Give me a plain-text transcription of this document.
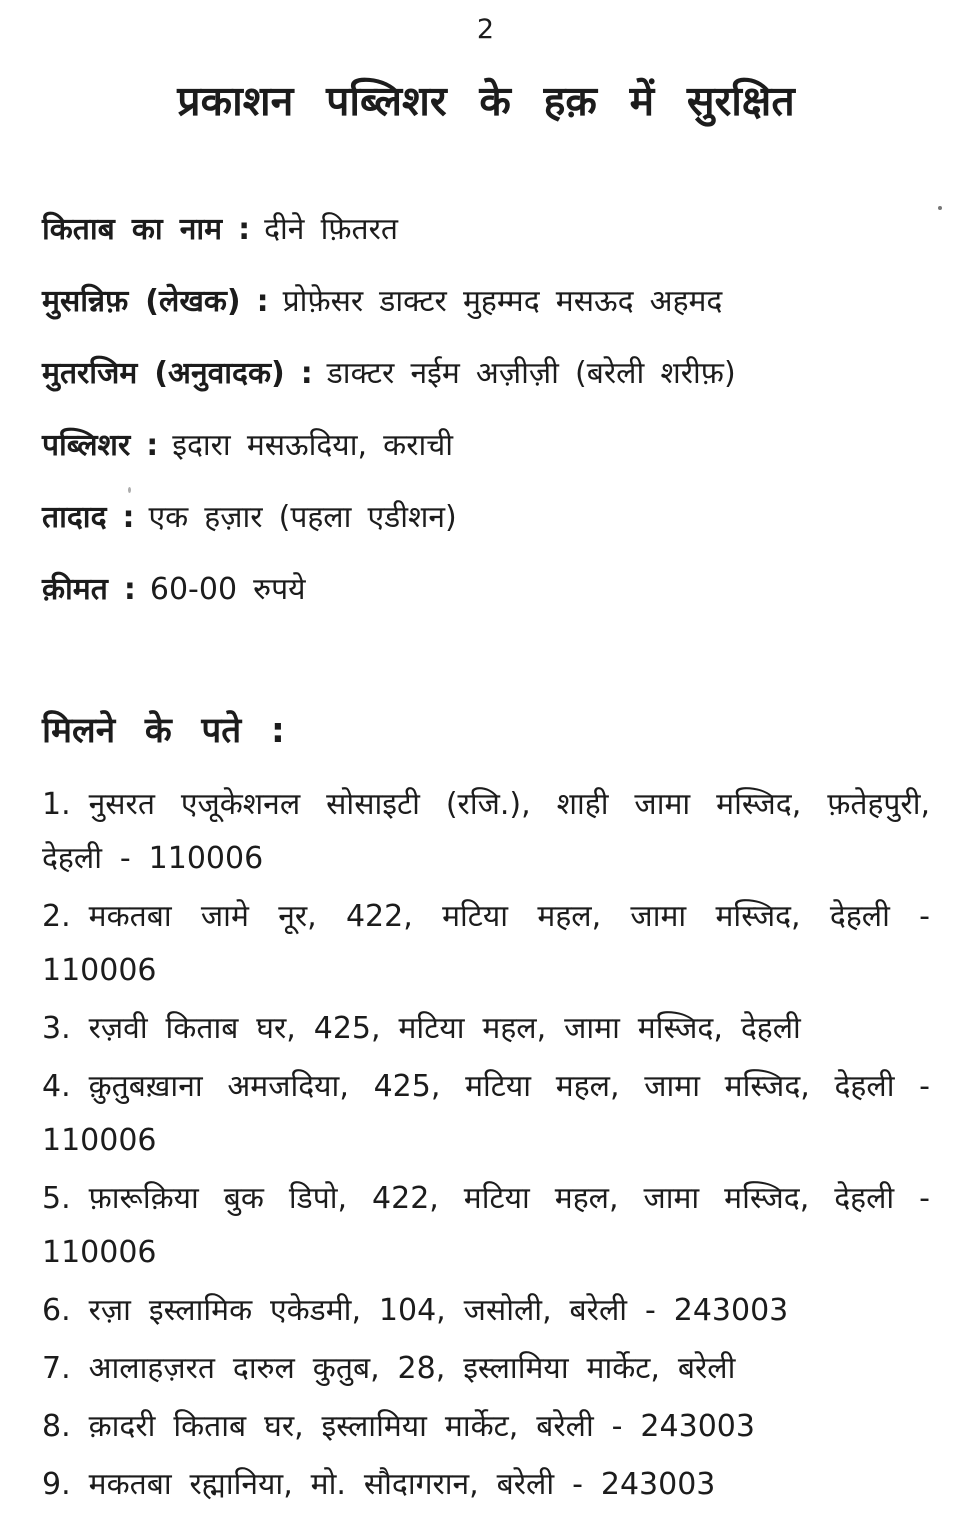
2
प्रकाशन पब्लिशर के हक़ में सुरक्षित
किताब का नाम : दीने फ़ितरत
मुसन्निफ़ (लेखक) : प्रोफ़ेसर डाक्टर मुहम्मद मसऊद अहमद
मुतरजिम (अनुवादक) : डाक्टर नईम अज़ीज़ी (बरेली शरीफ़)
पब्लिशर : इदारा मसऊदिया, कराची
तादाद : एक हज़ार (पहला एडीशन)
क़ीमत : 60-00 रुपये
मिलने के पते :
1. नुसरत एजूकेशनल सोसाइटी (रजि.), शाही जामा मस्जिद, फ़तेहपुरी, देहली - 110006
2. मकतबा जामे नूर, 422, मटिया महल, जामा मस्जिद, देहली - 110006
3. रज़वी किताब घर, 425, मटिया महल, जामा मस्जिद, देहली
4. क़ुतुबख़ाना अमजदिया, 425, मटिया महल, जामा मस्जिद, देहली - 110006
5. फ़ारूक़िया बुक डिपो, 422, मटिया महल, जामा मस्जिद, देहली - 110006
6. रज़ा इस्लामिक एकेडमी, 104, जसोली, बरेली - 243003
7. आलाहज़रत दारुल कुतुब, 28, इस्लामिया मार्केट, बरेली
8. क़ादरी किताब घर, इस्लामिया मार्केट, बरेली - 243003
9. मकतबा रह्मानिया, मो. सौदागरान, बरेली - 243003
